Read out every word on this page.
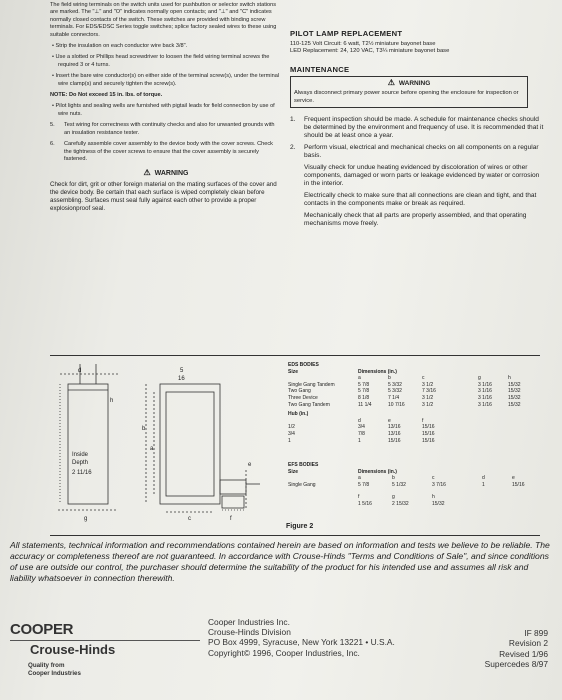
The field wiring terminals on the switch units used for pushbutton or selector switch stations are marked. The "⊥" and "O" indicates normally open contacts; and "⊥" and "C" indicates normally closed contacts of the switch. These switches are provided with binding screw terminals. For EDS/EDSC Series toggle switches; splice factory sealed wires to these using suitable connectors.

• Strip the insulation on each conductor wire back 3/8".

• Use a slotted or Phillips head screwdriver to loosen the field wiring terminal screws the required 3 or 4 turns.

• Insert the bare wire conductor(s) on either side of the terminal screw(s), under the terminal wire clamp(s) and securely tighten the screw(s).

NOTE: Do Not exceed 15 in. lbs. of torque.

• Pilot lights and sealing wells are furnished with pigtail leads for field connection by use of wire nuts.

5.	Test wiring for correctness with continuity checks and also for unwanted grounds with an insulation resistance tester.
6.	Carefully assemble cover assembly to the device body with the cover screws. Check the tightness of the cover screws to ensure that the cover assembly is securely fastened.
⚠ WARNING

Check for dirt, grit or other foreign material on the mating surfaces of the cover and the device body. Be certain that each surface is wiped completely clean before assembling. Surfaces must seal fully against each other to provide a proper explosionproof seal.

PILOT LAMP REPLACEMENT

110-125 Volt Circuit: 6 watt, T2½ miniature bayonet base

LED Replacement: 24, 120 VAC, T3¼ miniature bayonet base

MAINTENANCE
⚠ WARNING
Always disconnect primary power source before opening the enclosure for inspection or service.
1.	Frequent inspection should be made. A schedule for maintenance checks should be determined by the environment and frequency of use. It is recommended that it should be at least once a year.
2.	Perform visual, electrical and mechanical checks on all components on a regular basis.

Visually check for undue heating evidenced by discoloration of wires or other components, damaged or worn parts or leakage evidenced by water or corrosion in the interior.

Electrically check to make sure that all connections are clean and tight, and that contacts in the components make or break as required.

Mechanically check that all parts are properly assembled, and that operating mechanisms move freely.

d
h
Inside
Depth
2 11/16
g
b
a
c
e
f
5
16
EDS BODIES
Size	Dimensions (in.)
a	b	c	g	h
Single Gang Tandem	5 7/8	5 3/32	3 1/2	3 1/16	15/32
Two Gang	5 7/8	5 3/32	7 3/16	3 1/16	15/32
Three Device	8 1/8	7 1/4	3 1/2	3 1/16	15/32
Two Gang Tandem	11 1/4	10 7/16	3 1/2	3 1/16	15/32
Hub (in.)
d	e	f
1/2	3/4	13/16	15/16
3/4	7/8	13/16	15/16
1	1	15/16	15/16
EFS BODIES
Size	Dimensions (in.)
a	b	c	d	e
Single Gang	5 7/8	5 1/32	3 7/16	1	15/16
f	g	h
1 5/16	2 15/32	15/32
Figure 2
All statements, technical information and recommendations contained herein are based on information and tests we believe to be reliable. The accuracy or completeness thereof are not guaranteed. In accordance with Crouse-Hinds "Terms and Conditions of Sale", and since conditions of use are outside our control, the purchaser should determine the suitability of the product for his intended use and assumes all risk and liability whatsoever in connection therewith.
COOPER
Crouse-Hinds
Quality from
Cooper Industries
Cooper Industries Inc.
Crouse-Hinds Division
PO Box 4999, Syracuse, New York 13221 • U.S.A.
Copyright© 1996, Cooper Industries, Inc.
IF 899
Revision 2
Revised 1/96
Supercedes 8/97
